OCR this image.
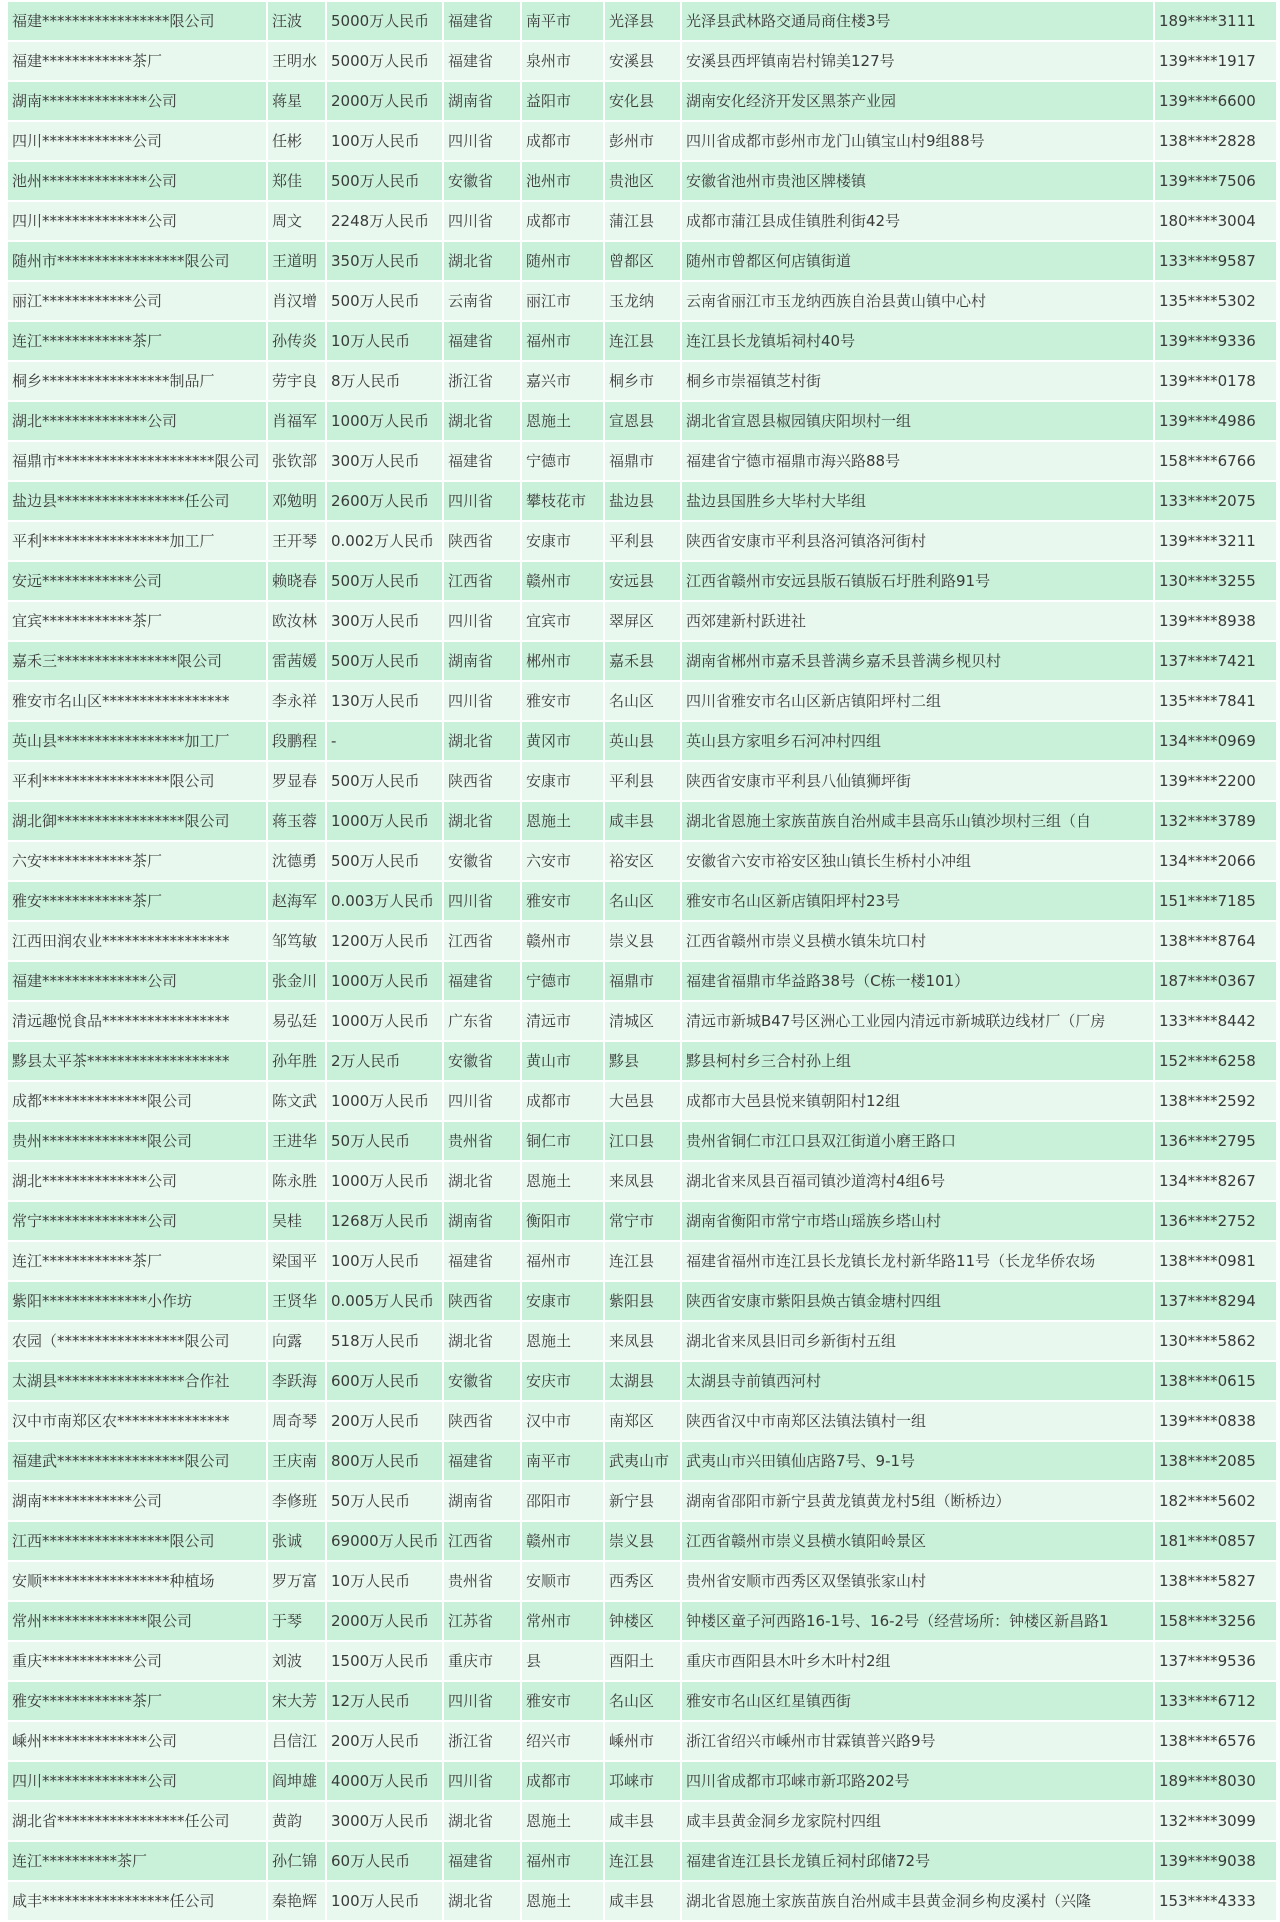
福建*****************限公司	汪波	5000万人民币	福建省	南平市	光泽县	光泽县武林路交通局商住楼3号	189****3111
福建************茶厂	王明水	5000万人民币	福建省	泉州市	安溪县	安溪县西坪镇南岩村锦美127号	139****1917
湖南**************公司	蒋星	2000万人民币	湖南省	益阳市	安化县	湖南安化经济开发区黑茶产业园	139****6600
四川************公司	任彬	100万人民币	四川省	成都市	彭州市	四川省成都市彭州市龙门山镇宝山村9组88号	138****2828
池州**************公司	郑佳	500万人民币	安徽省	池州市	贵池区	安徽省池州市贵池区牌楼镇	139****7506
四川**************公司	周文	2248万人民币	四川省	成都市	蒲江县	成都市蒲江县成佳镇胜利街42号	180****3004
随州市*****************限公司	王道明	350万人民币	湖北省	随州市	曾都区	随州市曾都区何店镇街道	133****9587
丽江************公司	肖汉增	500万人民币	云南省	丽江市	玉龙纳	云南省丽江市玉龙纳西族自治县黄山镇中心村	135****5302
连江************茶厂	孙传炎	10万人民币	福建省	福州市	连江县	连江县长龙镇垢祠村40号	139****9336
桐乡*****************制品厂	劳宇良	8万人民币	浙江省	嘉兴市	桐乡市	桐乡市崇福镇芝村街	139****0178
湖北**************公司	肖福军	1000万人民币	湖北省	恩施土	宣恩县	湖北省宣恩县椒园镇庆阳坝村一组	139****4986
福鼎市*********************限公司	张钦部	300万人民币	福建省	宁德市	福鼎市	福建省宁德市福鼎市海兴路88号	158****6766
盐边县*****************任公司	邓勉明	2600万人民币	四川省	攀枝花市	盐边县	盐边县国胜乡大毕村大毕组	133****2075
平利*****************加工厂	王开琴	0.002万人民币	陕西省	安康市	平利县	陕西省安康市平利县洛河镇洛河街村	139****3211
安远************公司	赖晓春	500万人民币	江西省	赣州市	安远县	江西省赣州市安远县版石镇版石圩胜利路91号	130****3255
宜宾************茶厂	欧汝林	300万人民币	四川省	宜宾市	翠屏区	西郊建新村跃进社	139****8938
嘉禾三****************限公司	雷茜媛	500万人民币	湖南省	郴州市	嘉禾县	湖南省郴州市嘉禾县普满乡嘉禾县普满乡枧贝村	137****7421
雅安市名山区*****************	李永祥	130万人民币	四川省	雅安市	名山区	四川省雅安市名山区新店镇阳坪村二组	135****7841
英山县*****************加工厂	段鹏程	-	湖北省	黄冈市	英山县	英山县方家咀乡石河冲村四组	134****0969
平利*****************限公司	罗显春	500万人民币	陕西省	安康市	平利县	陕西省安康市平利县八仙镇狮坪街	139****2200
湖北御*****************限公司	蒋玉蓉	1000万人民币	湖北省	恩施土	咸丰县	湖北省恩施土家族苗族自治州咸丰县高乐山镇沙坝村三组（自	132****3789
六安************茶厂	沈德勇	500万人民币	安徽省	六安市	裕安区	安徽省六安市裕安区独山镇长生桥村小冲组	134****2066
雅安************茶厂	赵海军	0.003万人民币	四川省	雅安市	名山区	雅安市名山区新店镇阳坪村23号	151****7185
江西田润农业*****************	邹笃敏	1200万人民币	江西省	赣州市	崇义县	江西省赣州市崇义县横水镇朱坑口村	138****8764
福建**************公司	张金川	1000万人民币	福建省	宁德市	福鼎市	福建省福鼎市华益路38号（C栋一楼101）	187****0367
清远趣悦食品*****************	易弘廷	1000万人民币	广东省	清远市	清城区	清远市新城B47号区洲心工业园内清远市新城联边线材厂（厂房	133****8442
黟县太平茶*******************	孙年胜	2万人民币	安徽省	黄山市	黟县	黟县柯村乡三合村孙上组	152****6258
成都**************限公司	陈文武	1000万人民币	四川省	成都市	大邑县	成都市大邑县悦来镇朝阳村12组	138****2592
贵州**************限公司	王进华	50万人民币	贵州省	铜仁市	江口县	贵州省铜仁市江口县双江街道小磨王路口	136****2795
湖北**************公司	陈永胜	1000万人民币	湖北省	恩施土	来凤县	湖北省来凤县百福司镇沙道湾村4组6号	134****8267
常宁**************公司	吴桂	1268万人民币	湖南省	衡阳市	常宁市	湖南省衡阳市常宁市塔山瑶族乡塔山村	136****2752
连江************茶厂	梁国平	100万人民币	福建省	福州市	连江县	福建省福州市连江县长龙镇长龙村新华路11号（长龙华侨农场	138****0981
紫阳**************小作坊	王贤华	0.005万人民币	陕西省	安康市	紫阳县	陕西省安康市紫阳县焕古镇金塘村四组	137****8294
农园（*****************限公司	向露	518万人民币	湖北省	恩施土	来凤县	湖北省来凤县旧司乡新街村五组	130****5862
太湖县*****************合作社	李跃海	600万人民币	安徽省	安庆市	太湖县	太湖县寺前镇西河村	138****0615
汉中市南郑区农***************	周奇琴	200万人民币	陕西省	汉中市	南郑区	陕西省汉中市南郑区法镇法镇村一组	139****0838
福建武*****************限公司	王庆南	800万人民币	福建省	南平市	武夷山市	武夷山市兴田镇仙店路7号、9-1号	138****2085
湖南************公司	李修班	50万人民币	湖南省	邵阳市	新宁县	湖南省邵阳市新宁县黄龙镇黄龙村5组（断桥边）	182****5602
江西*****************限公司	张诚	69000万人民币	江西省	赣州市	崇义县	江西省赣州市崇义县横水镇阳岭景区	181****0857
安顺*****************种植场	罗万富	10万人民币	贵州省	安顺市	西秀区	贵州省安顺市西秀区双堡镇张家山村	138****5827
常州**************限公司	于琴	2000万人民币	江苏省	常州市	钟楼区	钟楼区童子河西路16-1号、16-2号（经营场所：钟楼区新昌路1	158****3256
重庆************公司	刘波	1500万人民币	重庆市	县	酉阳土	重庆市酉阳县木叶乡木叶村2组	137****9536
雅安************茶厂	宋大芳	12万人民币	四川省	雅安市	名山区	雅安市名山区红星镇西街	133****6712
嵊州**************公司	吕信江	200万人民币	浙江省	绍兴市	嵊州市	浙江省绍兴市嵊州市甘霖镇普兴路9号	138****6576
四川**************公司	阎坤雄	4000万人民币	四川省	成都市	邛崃市	四川省成都市邛崃市新邛路202号	189****8030
湖北省*****************任公司	黄韵	3000万人民币	湖北省	恩施土	咸丰县	咸丰县黄金洞乡龙家院村四组	132****3099
连江**********茶厂	孙仁锦	60万人民币	福建省	福州市	连江县	福建省连江县长龙镇丘祠村邱储72号	139****9038
咸丰*****************任公司	秦艳辉	100万人民币	湖北省	恩施土	咸丰县	湖北省恩施土家族苗族自治州咸丰县黄金洞乡枸皮溪村（兴隆	153****4333
